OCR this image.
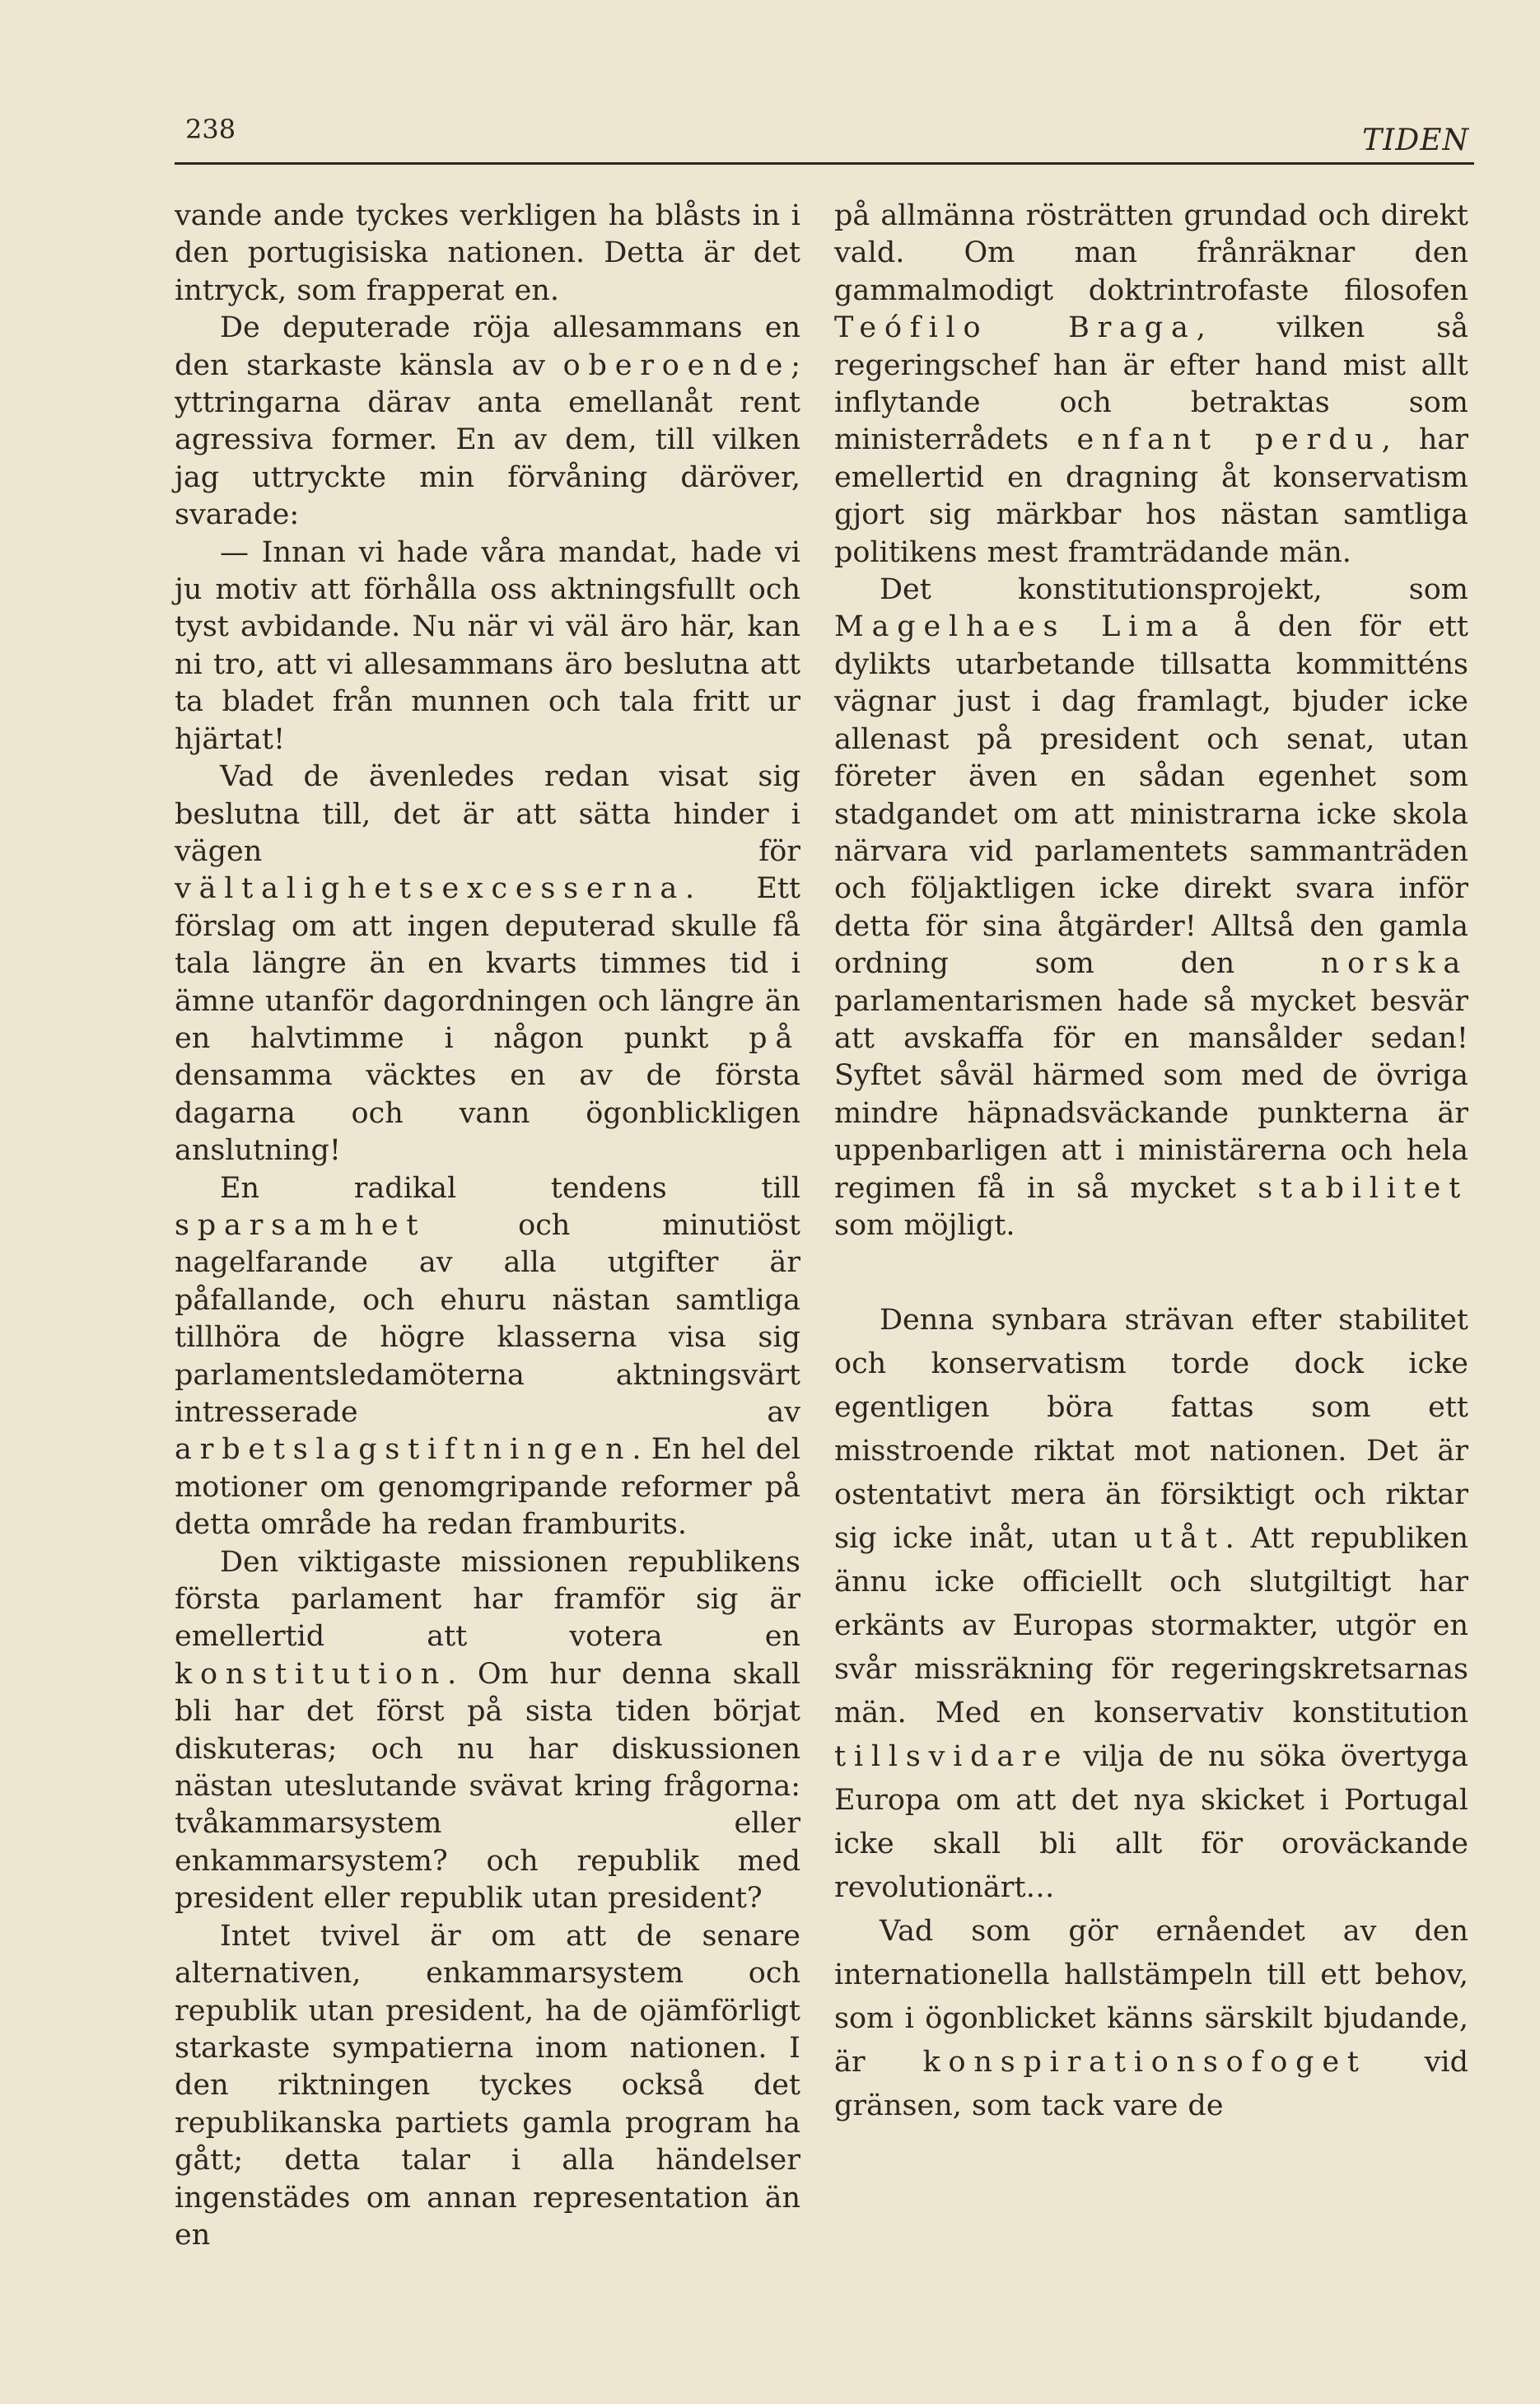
238	TIDEN

vande ande tyckes verkligen ha blåsts in i den portugisiska nationen. Detta är det intryck, som frapperat en.

De deputerade röja allesammans en den starkaste känsla av oberoende; yttringarna därav anta emellanåt rent agressiva former. En av dem, till vilken jag uttryckte min förvåning däröver, svarade:

— Innan vi hade våra mandat, hade vi ju motiv att förhålla oss aktningsfullt och tyst avbidande. Nu när vi väl äro här, kan ni tro, att vi allesammans äro beslutna att ta bladet från munnen och tala fritt ur hjärtat!

Vad de ävenledes redan visat sig beslutna till, det är att sätta hinder i vägen för vältalighetsexcesserna. Ett förslag om att ingen deputerad skulle få tala längre än en kvarts timmes tid i ämne utanför dagordningen och längre än en halvtimme i någon punkt på densamma väcktes en av de första dagarna och vann ögonblickligen anslutning!

En radikal tendens till sparsamhet och minutiöst nagelfarande av alla utgifter är påfallande, och ehuru nästan samtliga tillhöra de högre klasserna visa sig parlamentsledamöterna aktningsvärt intresserade av arbetslagstiftningen. En hel del motioner om genomgripande reformer på detta område ha redan framburits.

Den viktigaste missionen republikens första parlament har framför sig är emellertid att votera en konstitution. Om hur denna skall bli har det först på sista tiden börjat diskuteras; och nu har diskussionen nästan uteslutande svävat kring frågorna: tvåkammarsystem eller enkammarsystem? och republik med president eller republik utan president?

Intet tvivel är om att de senare alternativen, enkammarsystem och republik utan president, ha de ojämförligt starkaste sympatierna inom nationen. I den riktningen tyckes också det republikanska partiets gamla program ha gått; detta talar i alla händelser ingenstädes om annan representation än en

på allmänna rösträtten grundad och direkt vald. Om man frånräknar den gammalmodigt doktrintrofaste filosofen Teófilo Braga, vilken så regeringschef han är efter hand mist allt inflytande och betraktas som ministerrådets enfant perdu, har emellertid en dragning åt konservatism gjort sig märkbar hos nästan samtliga politikens mest framträdande män.

Det konstitutionsprojekt, som Magelhaes Lima å den för ett dylikts utarbetande tillsatta kommitténs vägnar just i dag framlagt, bjuder icke allenast på president och senat, utan företer även en sådan egenhet som stadgandet om att ministrarna icke skola närvara vid parlamentets sammanträden och följaktligen icke direkt svara inför detta för sina åtgärder! Alltså den gamla ordning som den norska parlamentarismen hade så mycket besvär att avskaffa för en mansålder sedan! Syftet såväl härmed som med de övriga mindre häpnadsväckande punkterna är uppenbarligen att i ministärerna och hela regimen få in så mycket stabilitet som möjligt.

Denna synbara strävan efter stabilitet och konservatism torde dock icke egentligen böra fattas som ett misstroende riktat mot nationen. Det är ostentativt mera än försiktigt och riktar sig icke inåt, utan utåt. Att republiken ännu icke officiellt och slutgiltigt har erkänts av Europas stormakter, utgör en svår missräkning för regeringskretsarnas män. Med en konservativ konstitution tillsvidare vilja de nu söka övertyga Europa om att det nya skicket i Portugal icke skall bli allt för oroväckande revolutionärt…

Vad som gör ernåendet av den internationella hallstämpeln till ett behov, som i ögonblicket känns särskilt bjudande, är konspirationsofoget vid gränsen, som tack vare de
